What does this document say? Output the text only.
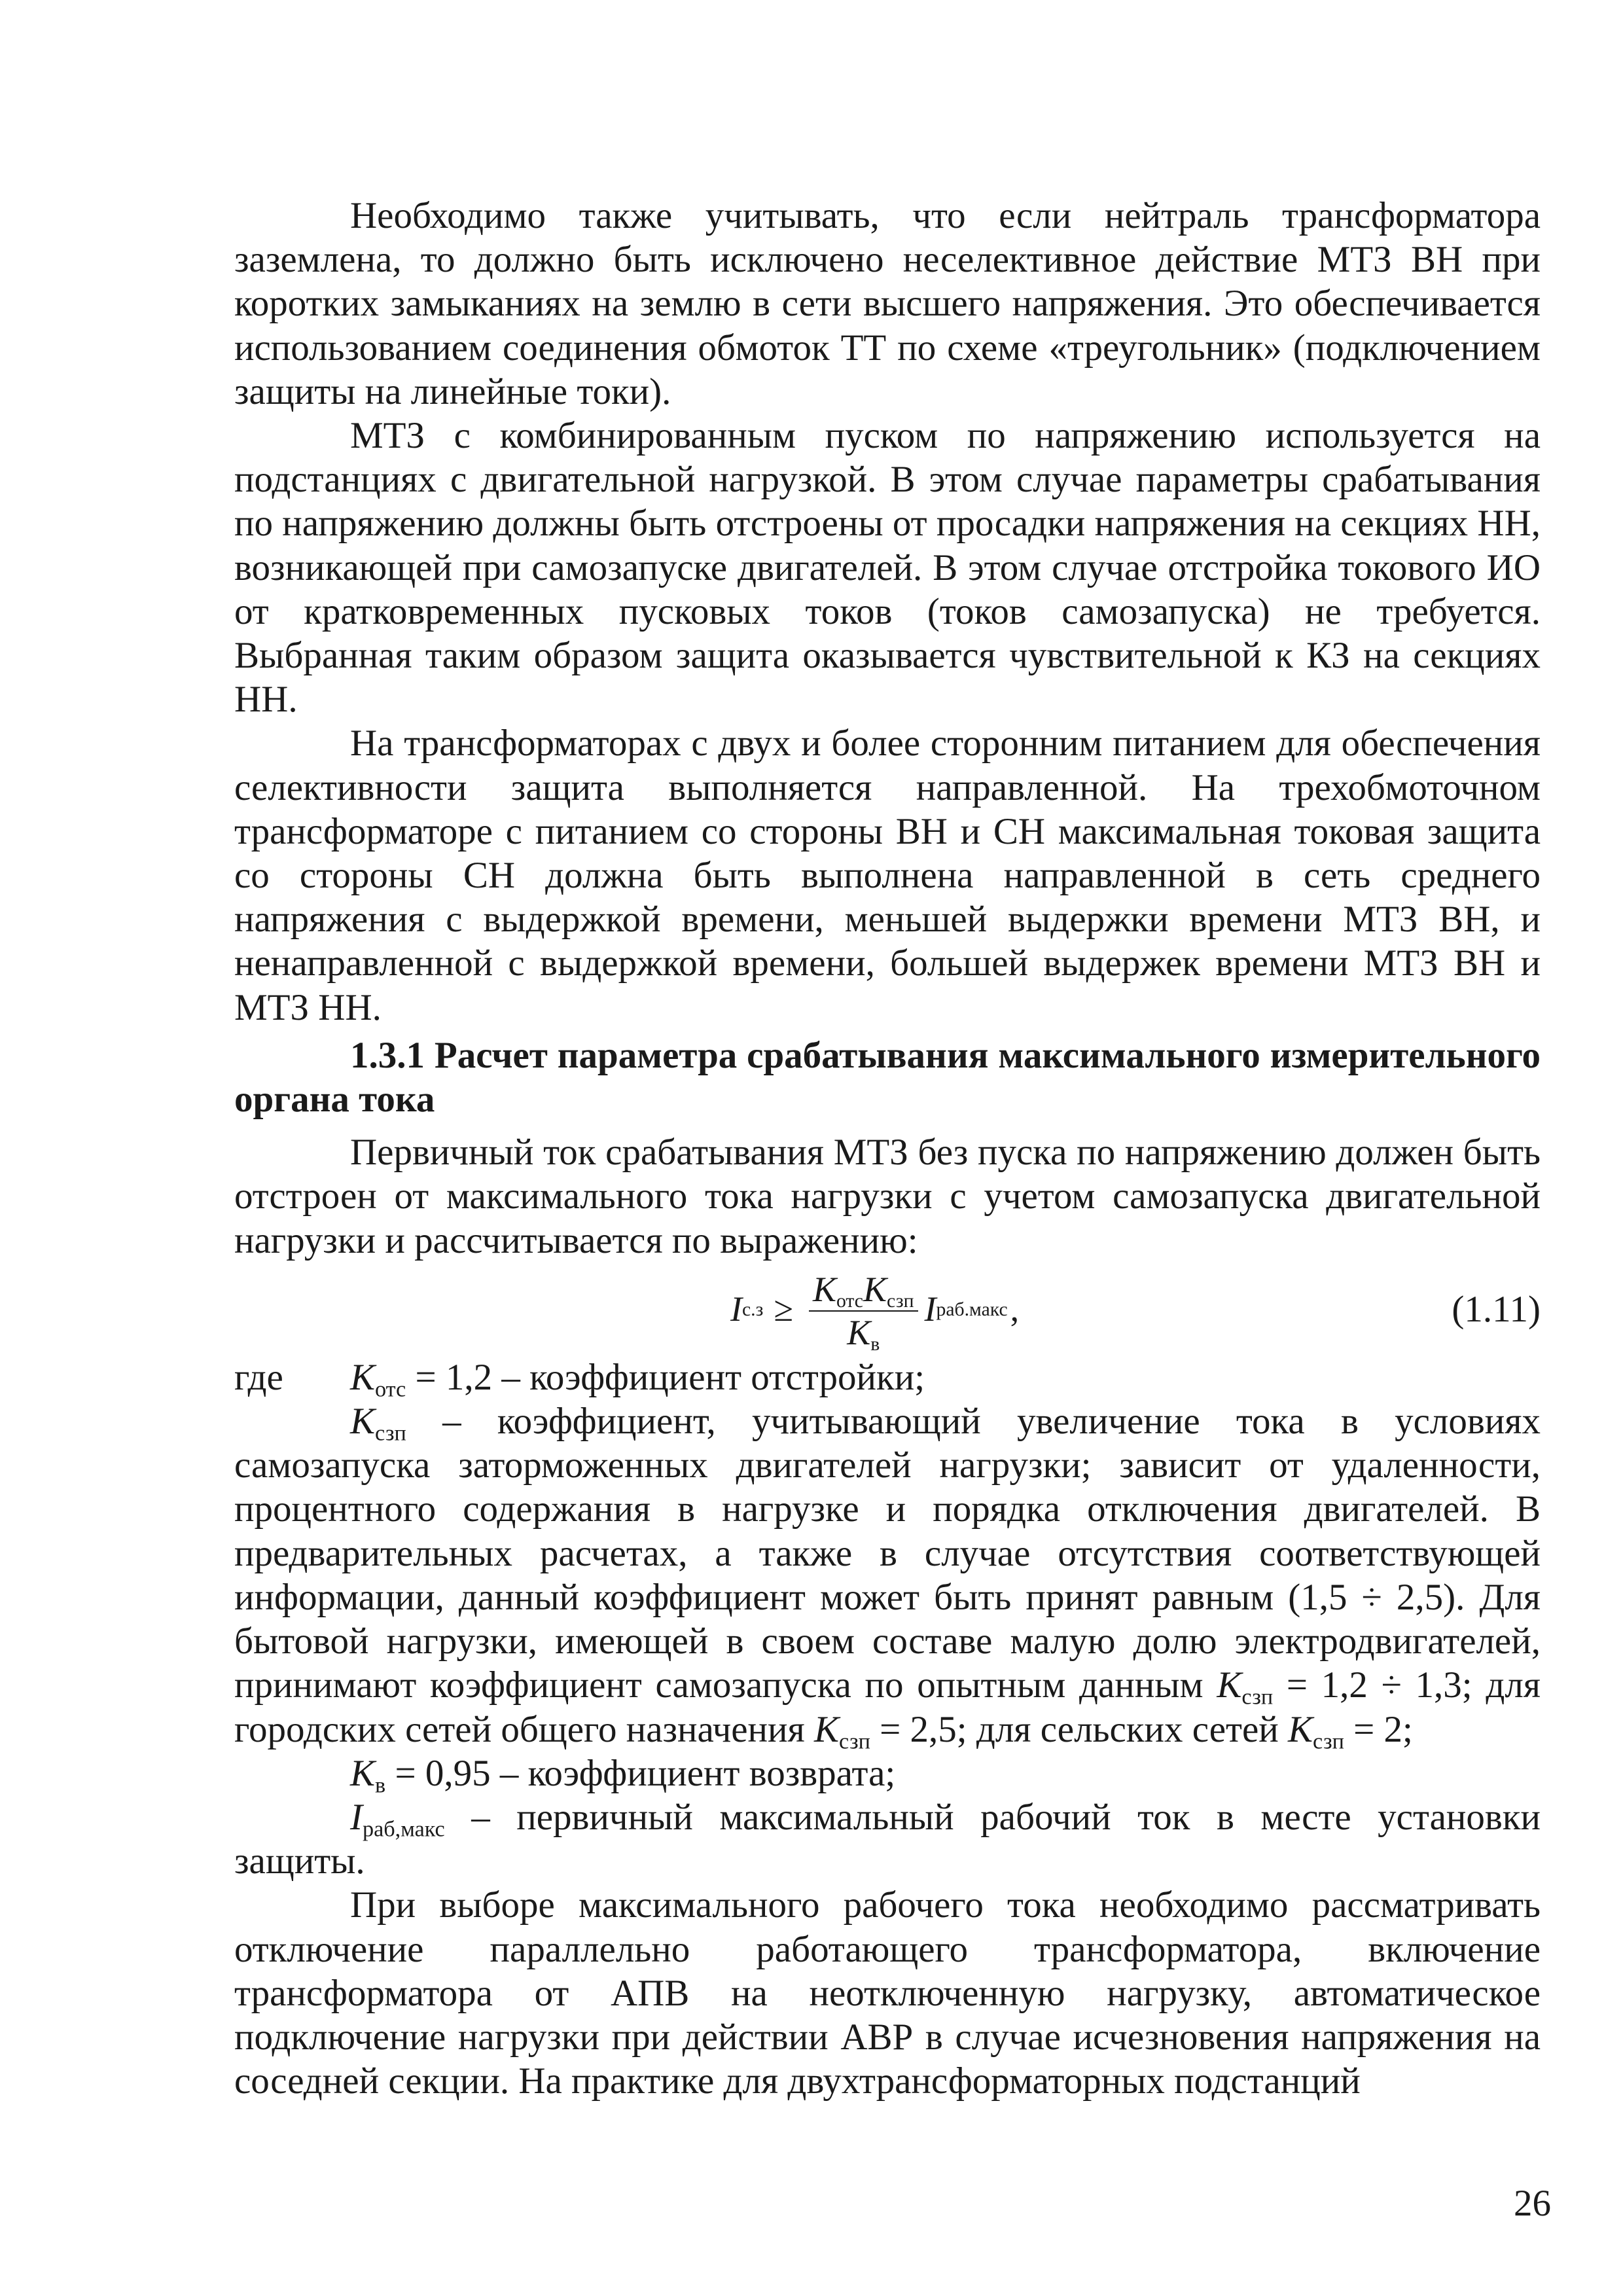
Необходимо также учитывать, что если нейтраль трансформатора заземлена, то должно быть исключено неселективное действие МТЗ ВН при коротких замыканиях на землю в сети высшего напряжения. Это обеспечивается использованием соединения обмоток ТТ по схеме «треугольник» (подключением защиты на линейные токи).

МТЗ с комбинированным пуском по напряжению используется на подстанциях с двигательной нагрузкой. В этом случае параметры срабатывания по напряжению должны быть отстроены от просадки напряжения на секциях НН, возникающей при самозапуске двигателей. В этом случае отстройка токового ИО от кратковременных пусковых токов (токов самозапуска) не требуется. Выбранная таким образом защита оказывается чувствительной к КЗ на секциях НН.

На трансформаторах с двух и более сторонним питанием для обеспечения селективности защита выполняется направленной. На трехобмоточном трансформаторе с питанием со стороны ВН и СН максимальная токовая защита со стороны СН должна быть выполнена направленной в сеть среднего напряжения с выдержкой времени, меньшей выдержки времени МТЗ ВН, и ненаправленной с выдержкой времени, большей выдержек времени МТЗ ВН и МТЗ НН.

1.3.1 Расчет параметра срабатывания максимального измерительного органа тока

Первичный ток срабатывания МТЗ без пуска по напряжению должен быть отстроен от максимального тока нагрузки с учетом самозапуска двигательной нагрузки и рассчитывается по выражению:

I $с.з \ge \frac{K_{отс}K_{сзп}}{K_в}$ I раб.макс ,	(1.11)
где	$K_{отс} = 1,2$ – коэффициент отстройки;

$K_{сзп}$ – коэффициент, учитывающий увеличение тока в условиях самозапуска заторможенных двигателей нагрузки; зависит от удаленности, процентного содержания в нагрузке и порядка отключения двигателей. В предварительных расчетах, а также в случае отсутствия соответствующей информации, данный коэффициент может быть принят равным (1,5 ÷ 2,5). Для бытовой нагрузки, имеющей в своем составе малую долю электродвигателей, принимают коэффициент самозапуска по опытным данным $K_{сзп} = 1,2 \div 1,3$; для городских сетей общего назначения $K_{сзп} = 2,5$; для сельских сетей $K_{сзп} = 2$;

$K_в = 0,95$ – коэффициент возврата;

$I_{раб,макс}$ – первичный максимальный рабочий ток в месте установки защиты.

При выборе максимального рабочего тока необходимо рассматривать отключение параллельно работающего трансформатора, включение трансформатора от АПВ на неотключенную нагрузку, автоматическое подключение нагрузки при действии АВР в случае исчезновения напряжения на соседней секции. На практике для двухтрансформаторных подстанций

26
